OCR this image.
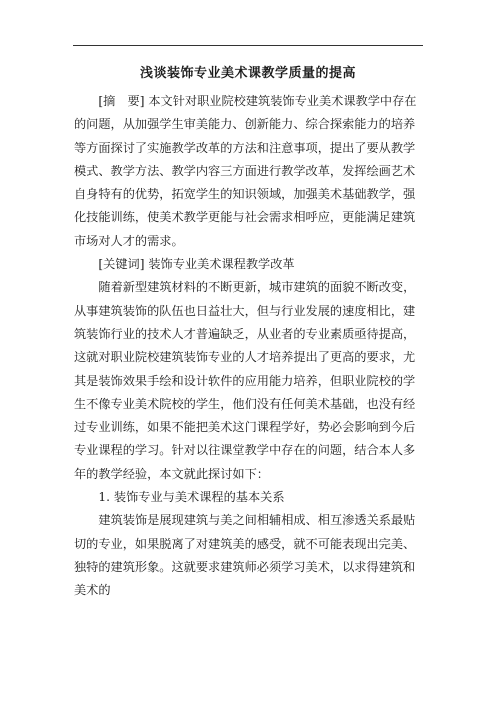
浅谈装饰专业美术课教学质量的提高

[摘　要] 本文针对职业院校建筑装饰专业美术课教学中存在的问题，从加强学生审美能力、创新能力、综合探索能力的培养等方面探讨了实施教学改革的方法和注意事项，提出了要从教学模式、教学方法、教学内容三方面进行教学改革，发挥绘画艺术自身特有的优势，拓宽学生的知识领域，加强美术基础教学，强化技能训练，使美术教学更能与社会需求相呼应，更能满足建筑市场对人才的需求。

[关键词] 装饰专业美术课程教学改革

随着新型建筑材料的不断更新，城市建筑的面貌不断改变，从事建筑装饰的队伍也日益壮大，但与行业发展的速度相比，建筑装饰行业的技术人才普遍缺乏，从业者的专业素质亟待提高，这就对职业院校建筑装饰专业的人才培养提出了更高的要求，尤其是装饰效果手绘和设计软件的应用能力培养，但职业院校的学生不像专业美术院校的学生，他们没有任何美术基础，也没有经过专业训练，如果不能把美术这门课程学好，势必会影响到今后专业课程的学习。针对以往课堂教学中存在的问题，结合本人多年的教学经验，本文就此探讨如下：

1. 装饰专业与美术课程的基本关系

建筑装饰是展现建筑与美之间相辅相成、相互渗透关系最贴切的专业，如果脱离了对建筑美的感受，就不可能表现出完美、独特的建筑形象。这就要求建筑师必须学习美术，以求得建筑和美术的
